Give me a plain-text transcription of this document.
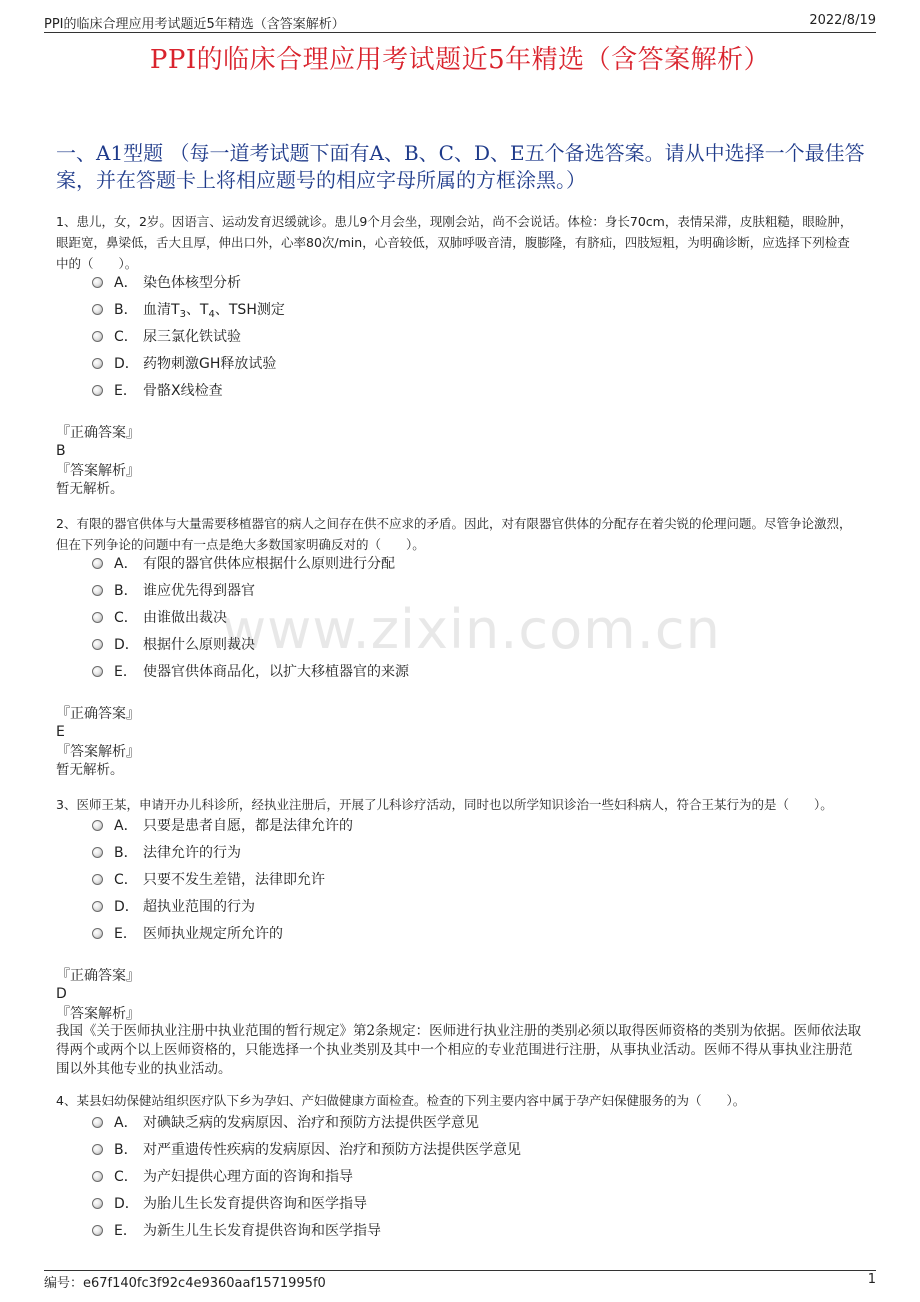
PPI的临床合理应用考试题近5年精选（含答案解析）	2022/8/19
PPI的临床合理应用考试题近5年精选（含答案解析）
一、A1型题 （每一道考试题下面有A、B、C、D、E五个备选答案。请从中选择一个最佳答案，并在答题卡上将相应题号的相应字母所属的方框涂黑。）
www.zixin.com.cn
1、患儿，女，2岁。因语言、运动发育迟缓就诊。患儿9个月会坐，现刚会站，尚不会说话。体检：身长70cm，表情呆滞，皮肤粗糙，眼睑肿，眼距宽，鼻梁低，舌大且厚，伸出口外，心率80次/min，心音较低，双肺呼吸音清，腹膨隆，有脐疝，四肢短粗，为明确诊断，应选择下列检查中的（　　）。
A． 染色体核型分析
B． 血清$T_3$、$T_4$、TSH测定
C． 尿三氯化铁试验
D． 药物刺激GH释放试验
E． 骨骼X线检查
『正确答案』
B
『答案解析』
暂无解析。
2、有限的器官供体与大量需要移植器官的病人之间存在供不应求的矛盾。因此，对有限器官供体的分配存在着尖锐的伦理问题。尽管争论激烈，但在下列争论的问题中有一点是绝大多数国家明确反对的（　　）。
A． 有限的器官供体应根据什么原则进行分配
B． 谁应优先得到器官
C． 由谁做出裁决
D． 根据什么原则裁决
E． 使器官供体商品化，以扩大移植器官的来源
『正确答案』
E
『答案解析』
暂无解析。
3、医师王某，申请开办儿科诊所，经执业注册后，开展了儿科诊疗活动，同时也以所学知识诊治一些妇科病人，符合王某行为的是（　　）。
A． 只要是患者自愿，都是法律允许的
B． 法律允许的行为
C． 只要不发生差错，法律即允许
D． 超执业范围的行为
E． 医师执业规定所允许的
『正确答案』
D
『答案解析』
我国《关于医师执业注册中执业范围的暂行规定》第2条规定：医师进行执业注册的类别必须以取得医师资格的类别为依据。医师依法取得两个或两个以上医师资格的，只能选择一个执业类别及其中一个相应的专业范围进行注册，从事执业活动。医师不得从事执业注册范围以外其他专业的执业活动。
4、某县妇幼保健站组织医疗队下乡为孕妇、产妇做健康方面检查。检查的下列主要内容中属于孕产妇保健服务的为（　　）。
A． 对碘缺乏病的发病原因、治疗和预防方法提供医学意见
B． 对严重遗传性疾病的发病原因、治疗和预防方法提供医学意见
C． 为产妇提供心理方面的咨询和指导
D． 为胎儿生长发育提供咨询和医学指导
E． 为新生儿生长发育提供咨询和医学指导
编号：e67f140fc3f92c4e9360aaf1571995f0	1
